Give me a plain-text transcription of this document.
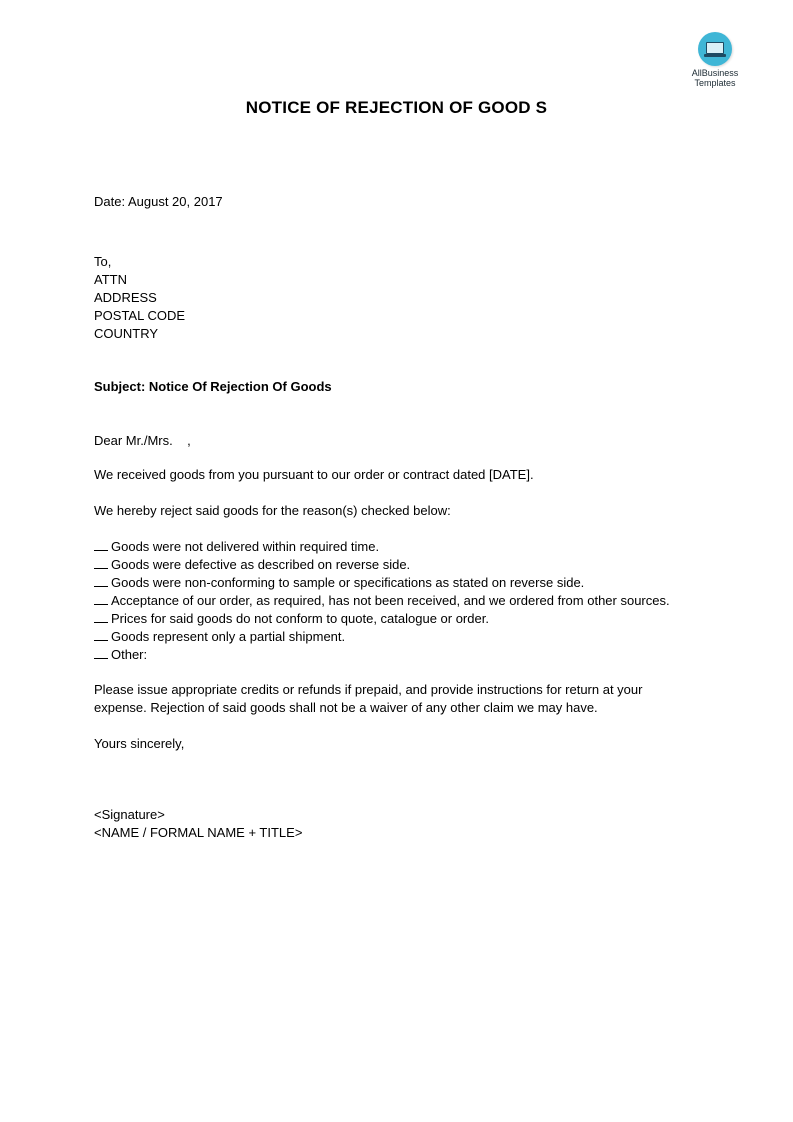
AllBusiness
Templates
NOTICE OF REJECTION OF GOOD S
Date: August 20, 2017
To,
ATTN
ADDRESS
POSTAL CODE
COUNTRY
Subject: Notice Of Rejection Of Goods
Dear Mr./Mrs.    ,
We received goods from you pursuant to our order or contract dated [DATE].
We hereby reject said goods for the reason(s) checked below:
Goods were not delivered within required time.
Goods were defective as described on reverse side.
Goods were non-conforming to sample or specifications as stated on reverse side.
Acceptance of our order, as required, has not been received, and we ordered from other sources.
Prices for said goods do not conform to quote, catalogue or order.
Goods represent only a partial shipment.
Other:
Please issue appropriate credits or refunds if prepaid, and provide instructions for return at your expense. Rejection of said goods shall not be a waiver of any other claim we may have.
Yours sincerely,
<Signature>
<NAME / FORMAL NAME + TITLE>
